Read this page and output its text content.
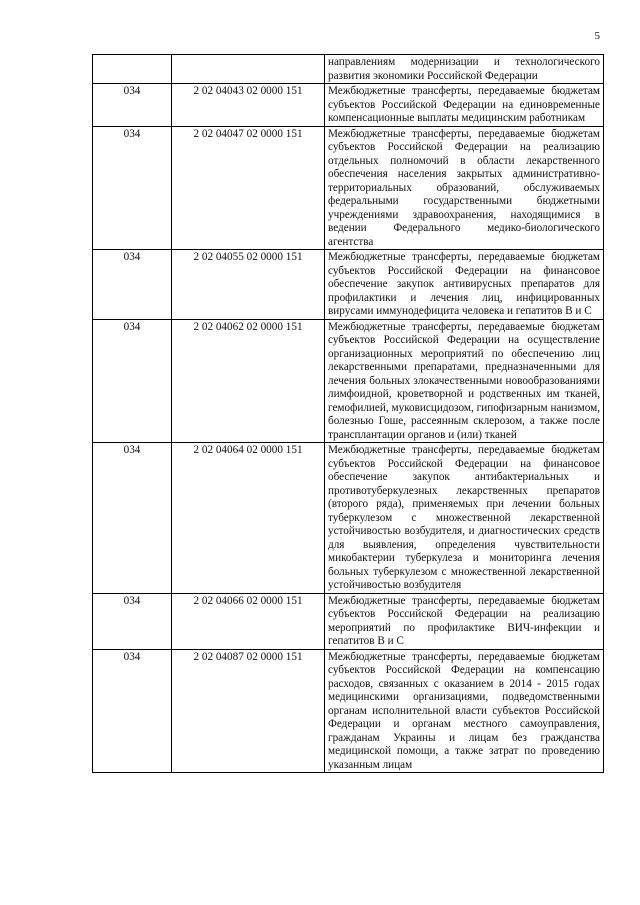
5
		направлениям модернизации и технологического развития экономики Российской Федерации
034	2 02 04043 02 0000 151	Межбюджетные трансферты, передаваемые бюджетам субъектов Российской Федерации на единовременные компенсационные выплаты медицинским работникам
034	2 02 04047 02 0000 151	Межбюджетные трансферты, передаваемые бюджетам субъектов Российской Федерации на реализацию отдельных полномочий в области лекарственного обеспечения населения закрытых административно-территориальных образований, обслуживаемых федеральными государственными бюджетными учреждениями здравоохранения, находящимися в ведении Федерального медико-биологического агентства
034	2 02 04055 02 0000 151	Межбюджетные трансферты, передаваемые бюджетам субъектов Российской Федерации на финансовое обеспечение закупок антивирусных препаратов для профилактики и лечения лиц, инфицированных вирусами иммунодефицита человека и гепатитов B и C
034	2 02 04062 02 0000 151	Межбюджетные трансферты, передаваемые бюджетам субъектов Российской Федерации на осуществление организационных мероприятий по обеспечению лиц лекарственными препаратами, предназначенными для лечения больных злокачественными новообразованиями лимфоидной, кроветворной и родственных им тканей, гемофилией, муковисцидозом, гипофизарным нанизмом, болезнью Гоше, рассеянным склерозом, а также после трансплантации органов и (или) тканей
034	2 02 04064 02 0000 151	Межбюджетные трансферты, передаваемые бюджетам субъектов Российской Федерации на финансовое обеспечение закупок антибактериальных и противотуберкулезных лекарственных препаратов (второго ряда), применяемых при лечении больных туберкулезом с множественной лекарственной устойчивостью возбудителя, и диагностических средств для выявления, определения чувствительности микобактерии туберкулеза и мониторинга лечения больных туберкулезом с множественной лекарственной устойчивостью возбудителя
034	2 02 04066 02 0000 151	Межбюджетные трансферты, передаваемые бюджетам субъектов Российской Федерации на реализацию мероприятий по профилактике ВИЧ-инфекции и гепатитов B и C
034	2 02 04087 02 0000 151	Межбюджетные трансферты, передаваемые бюджетам субъектов Российской Федерации на компенсацию расходов, связанных с оказанием в 2014 - 2015 годах медицинскими организациями, подведомственными органам исполнительной власти субъектов Российской Федерации и органам местного самоуправления, гражданам Украины и лицам без гражданства медицинской помощи, а также затрат по проведению указанным лицам
